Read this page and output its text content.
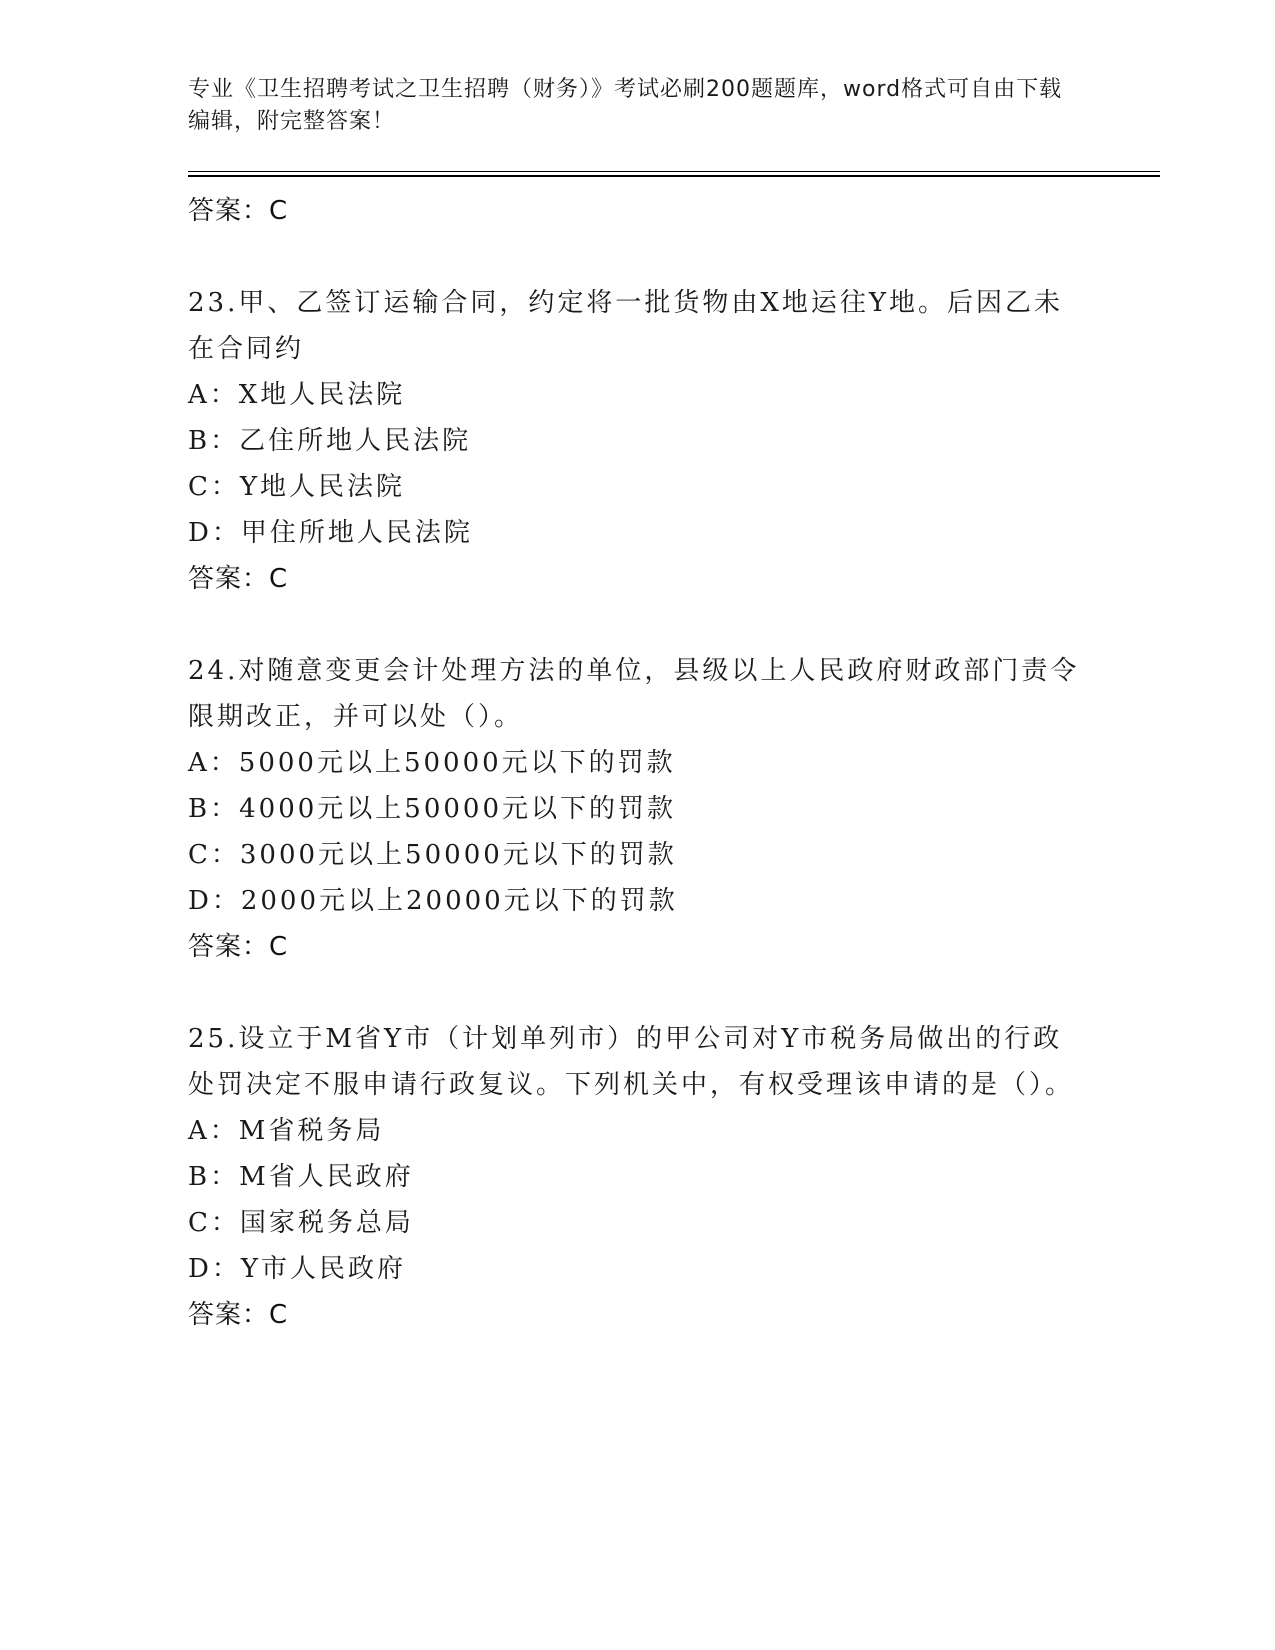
专业《卫生招聘考试之卫生招聘（财务）》考试必刷200题题库，word格式可自由下载编辑，附完整答案！

答案：C

23.甲、乙签订运输合同，约定将一批货物由X地运往Y地。后因乙未在合同约

A：X地人民法院

B：乙住所地人民法院

C：Y地人民法院

D：甲住所地人民法院

答案：C

24.对随意变更会计处理方法的单位，县级以上人民政府财政部门责令限期改正，并可以处（）。

A：5000元以上50000元以下的罚款

B：4000元以上50000元以下的罚款

C：3000元以上50000元以下的罚款

D：2000元以上20000元以下的罚款

答案：C

25.设立于M省Y市（计划单列市）的甲公司对Y市税务局做出的行政处罚决定不服申请行政复议。下列机关中，有权受理该申请的是（）。

A：M省税务局

B：M省人民政府

C：国家税务总局

D：Y市人民政府

答案：C
